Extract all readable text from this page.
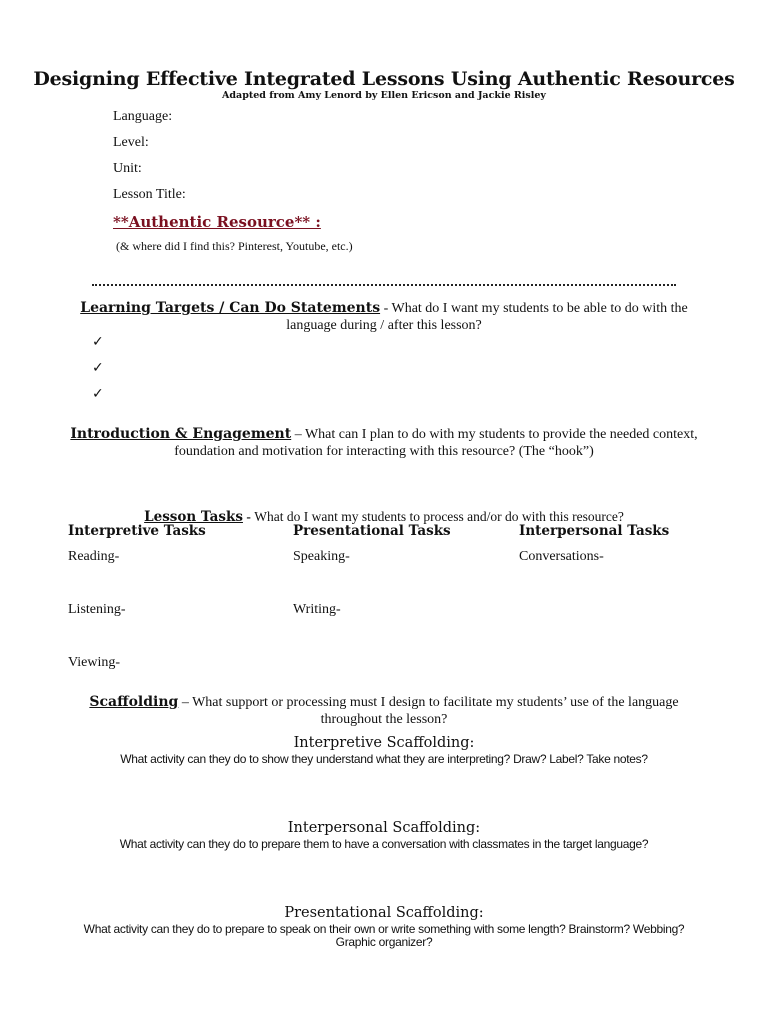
Designing Effective Integrated Lessons Using Authentic Resources
Adapted from Amy Lenord by Ellen Ericson and Jackie Risley
Language:
Level:
Unit:
Lesson Title:
**Authentic Resource** :
(& where did I find this? Pinterest, Youtube, etc.)
Learning Targets / Can Do Statements - What do I want my students to be able to do with the language during / after this lesson?
✓
✓
✓
Introduction & Engagement – What can I plan to do with my students to provide the needed context, foundation and motivation for interacting with this resource? (The “hook”)
Lesson Tasks - What do I want my students to process and/or do with this resource?
Interpretive Tasks	Presentational Tasks	Interpersonal Tasks
Reading-
Listening-
Viewing-
Speaking-
Writing-
Conversations-
Scaffolding – What support or processing must I design to facilitate my students’ use of the language throughout the lesson?
Interpretive Scaffolding:
What activity can they do to show they understand what they are interpreting? Draw? Label? Take notes?
Interpersonal Scaffolding:
What activity can they do to prepare them to have a conversation with classmates in the target language?
Presentational Scaffolding:
What activity can they do to prepare to speak on their own or write something with some length? Brainstorm? Webbing? Graphic organizer?
